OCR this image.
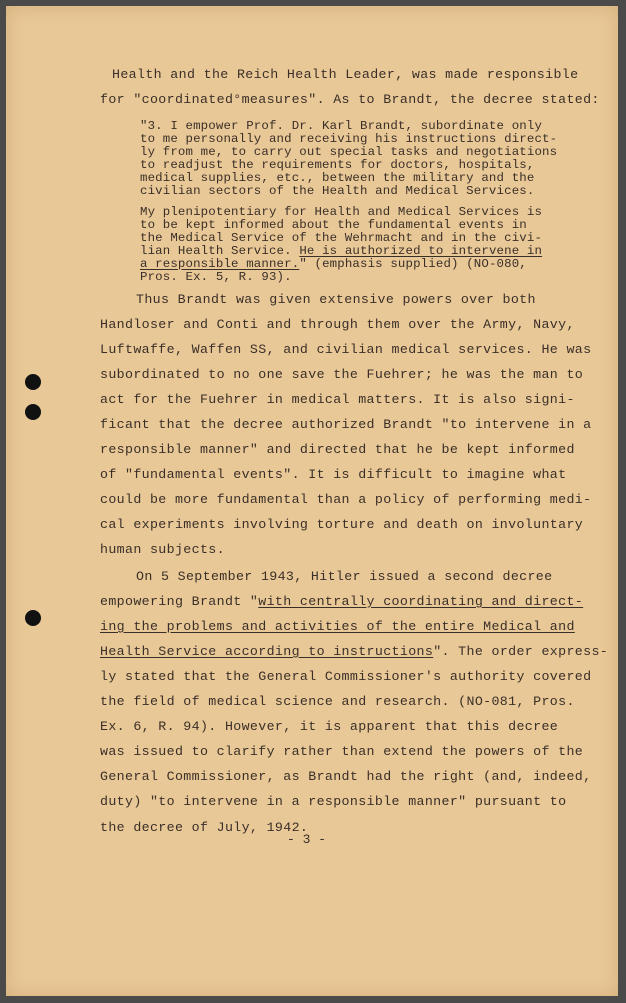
Health and the Reich Health Leader, was made responsible
for "coordinated°measures". As to Brandt, the decree stated:
"3. I empower Prof. Dr. Karl Brandt, subordinate only
to me personally and receiving his instructions direct-
ly from me, to carry out special tasks and negotiations
to readjust the requirements for doctors, hospitals,
medical supplies, etc., between the military and the
civilian sectors of the Health and Medical Services.
My plenipotentiary for Health and Medical Services is
to be kept informed about the fundamental events in
the Medical Service of the Wehrmacht and in the civi-
lian Health Service. He is authorized to intervene in
a responsible manner." (emphasis supplied) (NO-080,
Pros. Ex. 5, R. 93).
Thus Brandt was given extensive powers over both
Handloser and Conti and through them over the Army, Navy,
Luftwaffe, Waffen SS, and civilian medical services. He was
subordinated to no one save the Fuehrer; he was the man to
act for the Fuehrer in medical matters. It is also signi-
ficant that the decree authorized Brandt "to intervene in a
responsible manner" and directed that he be kept informed
of "fundamental events". It is difficult to imagine what
could be more fundamental than a policy of performing medi-
cal experiments involving torture and death on involuntary
human subjects.
On 5 September 1943, Hitler issued a second decree
empowering Brandt "with centrally coordinating and direct-
ing the problems and activities of the entire Medical and
Health Service according to instructions". The order express-
ly stated that the General Commissioner's authority covered
the field of medical science and research. (NO-081, Pros.
Ex. 6, R. 94). However, it is apparent that this decree
was issued to clarify rather than extend the powers of the
General Commissioner, as Brandt had the right (and, indeed,
duty) "to intervene in a responsible manner" pursuant to
the decree of July, 1942.
- 3 -
